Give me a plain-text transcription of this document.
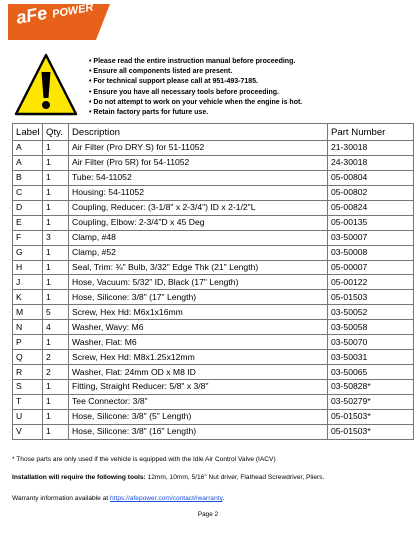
aFe POWER
• Please read the entire instruction manual before proceeding.
• Ensure all components listed are present.
• For technical support please call at 951-493-7185.
• Ensure you have all necessary tools before proceeding.
• Do not attempt to work on your vehicle when the engine is hot.
• Retain factory parts for future use.
Label	Qty.	Description	Part Number
A	1	Air Filter (Pro DRY S) for 51-11052	21-30018
A	1	Air Filter (Pro 5R) for 54-11052	24-30018
B	1	Tube: 54-11052	05-00804
C	1	Housing: 54-11052	05-00802
D	1	Coupling, Reducer: (3-1/8" x 2-3/4") ID x 2-1/2"L	05-00824
E	1	Coupling, Elbow: 2-3/4"D x 45 Deg	05-00135
F	3	Clamp, #48	03-50007
G	1	Clamp, #52	03-50008
H	1	Seal, Trim: ¾" Bulb, 3/32" Edge Thk (21" Length)	05-00007
J	1	Hose, Vacuum: 5/32" ID, Black (17" Length)	05-00122
K	1	Hose, Silicone: 3/8" (17" Length)	05-01503
M	5	Screw, Hex Hd: M6x1x16mm	03-50052
N	4	Washer, Wavy: M6	03-50058
P	1	Washer, Flat: M6	03-50070
Q	2	Screw, Hex Hd: M8x1.25x12mm	03-50031
R	2	Washer, Flat: 24mm OD x M8 ID	03-50065
S	1	Fitting, Straight Reducer: 5/8" x 3/8"	03-50828*
T	1	Tee Connector: 3/8"	03-50279*
U	1	Hose, Silicone: 3/8" (5" Length)	05-01503*
V	1	Hose, Silicone: 3/8" (16" Length)	05-01503*
* Those parts are only used if the vehicle is equipped with the Idle Air Control Valve (IACV)
Installation will require the following tools: 12mm, 10mm, 5/16" Nut driver, Flathead Screwdriver, Pliers.
Warranty information available at https://afepower.com/contact#warranty.
Page 2
